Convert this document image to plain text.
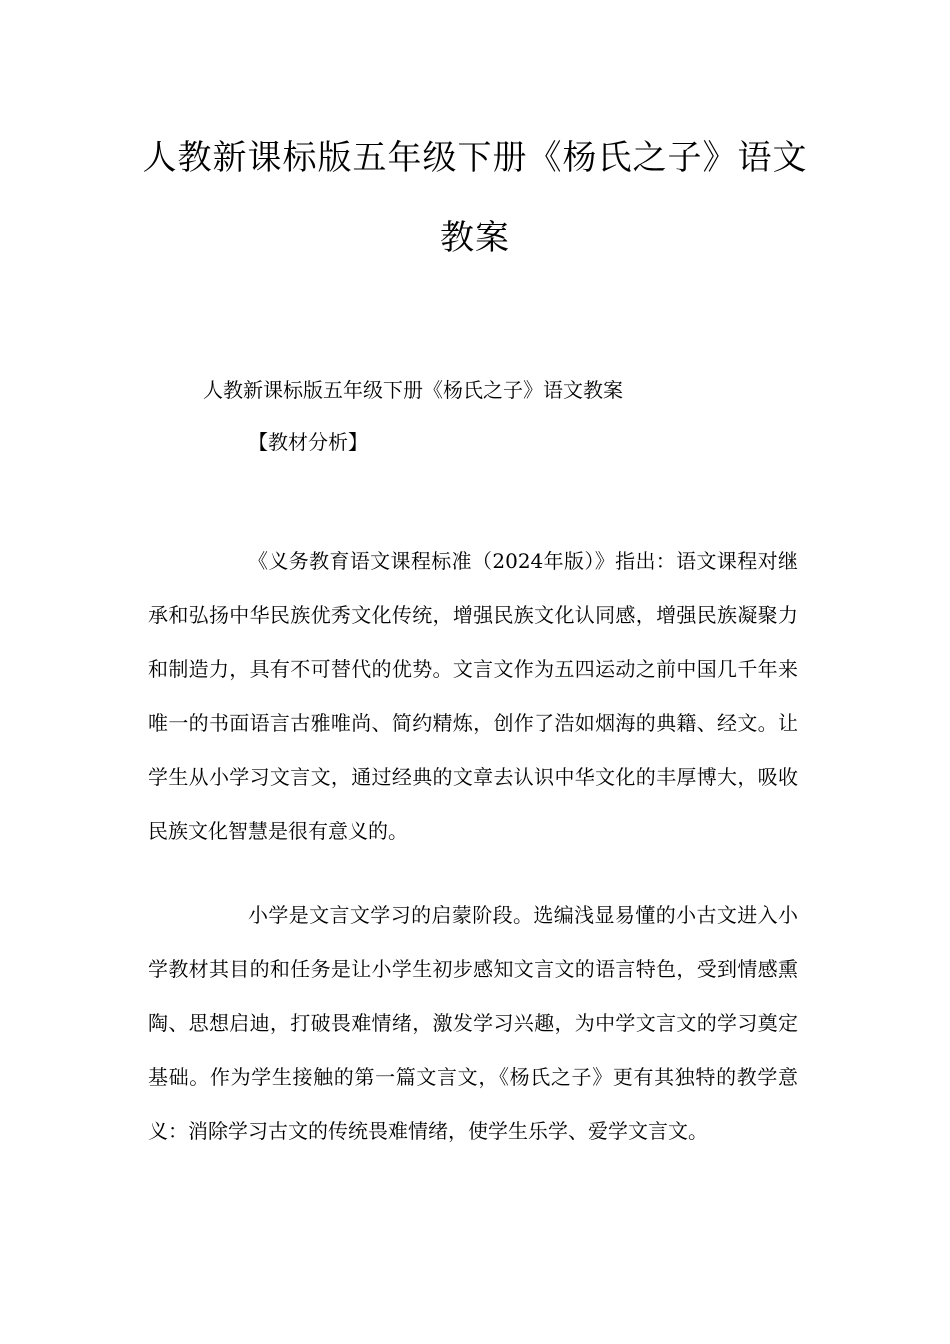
人教新课标版五年级下册《杨氏之子》语文教案
人教新课标版五年级下册《杨氏之子》语文教案
【教材分析】

《义务教育语文课程标准（2024年版）》指出：语文课程对继承和弘扬中华民族优秀文化传统，增强民族文化认同感，增强民族凝聚力和制造力，具有不可替代的优势。文言文作为五四运动之前中国几千年来唯一的书面语言古雅唯尚、简约精炼，创作了浩如烟海的典籍、经文。让学生从小学习文言文，通过经典的文章去认识中华文化的丰厚博大，吸收民族文化智慧是很有意义的。

小学是文言文学习的启蒙阶段。选编浅显易懂的小古文进入小学教材其目的和任务是让小学生初步感知文言文的语言特色，受到情感熏陶、思想启迪，打破畏难情绪，激发学习兴趣，为中学文言文的学习奠定基础。作为学生接触的第一篇文言文，《杨氏之子》更有其独特的教学意义：消除学习古文的传统畏难情绪，使学生乐学、爱学文言文。
